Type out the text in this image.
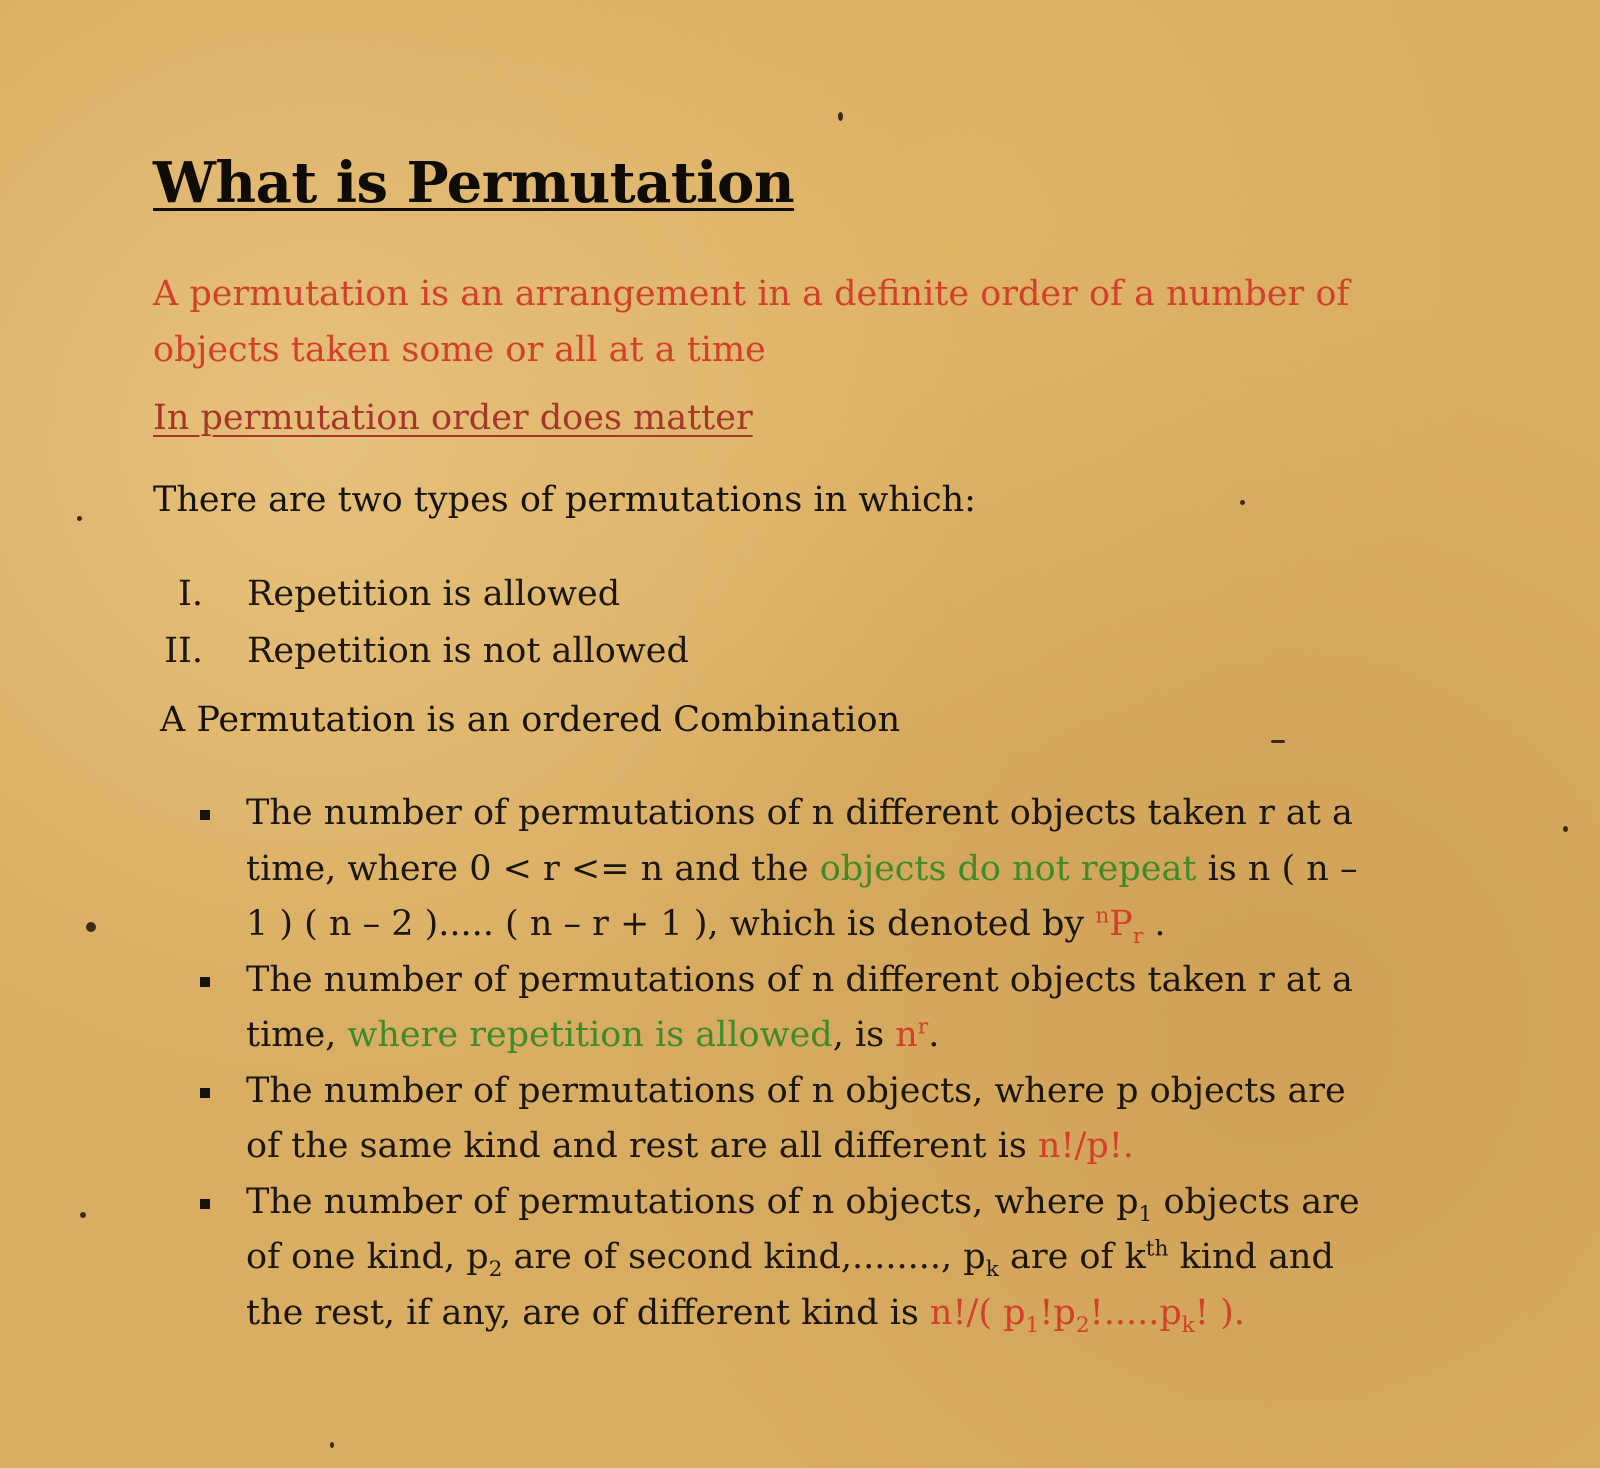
What is Permutation

A permutation is an arrangement in a definite order of a number of objects taken some or all at a time

In permutation order does matter

There are two types of permutations in which:

I. Repetition is allowed
II. Repetition is not allowed

A Permutation is an ordered Combination

The number of permutations of n different objects taken r at a time, where 0 < r <= n and the objects do not repeat is n ( n – 1 ) ( n – 2 )..... ( n – r + 1 ), which is denoted by $^nP_r$ .
The number of permutations of n different objects taken r at a time, where repetition is allowed, is $n^r$.
The number of permutations of n objects, where p objects are of the same kind and rest are all different is n!/p!.
The number of permutations of n objects, where $p_1$ objects are of one kind, $p_2$ are of second kind,........, $p_k$ are of $k^{th}$ kind and the rest, if any, are of different kind is n!/( $p_1!p_2!.....p_k$! ).
